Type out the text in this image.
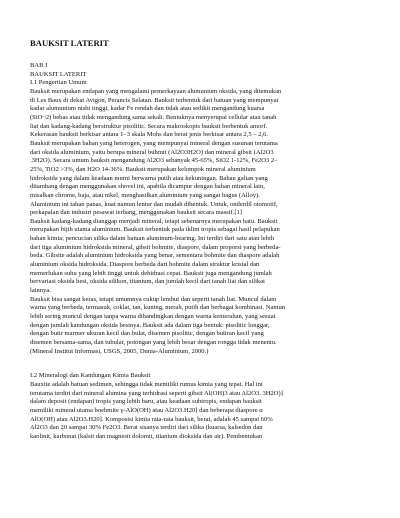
BAUKSIT LATERIT

BAB I

BAUKSIT LATERIT

I.1 Pengertian Umum

Bauksit merupakan endapan yang mengalami pemerkayaan alumunium oksida, yang ditemukan

di Les Baux di dekat Avigon, Perancis Selatan. Bauksit terbentuk dari batuan yang mempunyai

kadar alumunium nisbi tinggi, kadar Fe rendah dan tidak atau sedikit mengandung kuarsa

(SiO~2) bebas atau tidak mengandung sama sekali. Bentuknya menyerupai cellular atau tanah

liat dan kadang-kadang berstruktur pisolitic. Secara makroskopis bauksit berbentuk amorf.

Kekerasan bauksit berkisar antara 1–3 skala Mohs dan berat jenis berkisar antara 2,5 – 2,6.

Bauksit merupakan bahan yang heterogen, yang mempunyai mineral dengan susunan terutama

dari oksida aluminium, yaitu berupa mineral buhmit (Al2O3H2O) dan mineral gibsit (Al2O3

.3H2O). Secara umum bauksit mengandung Al2O3 sebanyak 45-65%, SiO2 1-12%, Fe2O3 2-

25%, TiO2 >3%, dan H2O 14-36%. Bauksit merupakan kelompok mineral aluminium

hidroksida yang dalam keadaan murni berwarna putih atau kekuningan. Bahan galian yang

ditambang dengan menggunakan shovel ini, apabila dicampur dengan bahan mineral lain,

misalkan chrome, baja, atau nikel, menghasilkan aluminium yang sangat bagus (Alloy).

Aluminium ini tahan panas, kuat namun lentur dan mudah dibentuk. Untuk, onderdil otomotif,

perkapalan dan industri pesawat terbang, menggunakan bauksit secara massif.[1]

Bauksit kadang-kadang dianggap menjadi mineral, tetapi sebenarnya merupakan batu. Bauksit

merupakan bijih utama aluminium. Bauksit terbentuk pada iklim tropis sebagai hasil pelapukan

bahan kimia; pencucian silika dalam batuan aluminum-bearing. Ini terdiri dari satu atau lebih

dari tiga aluminium hidroksida mineral, gibsit bohmite, diaspore, dalam proporsi yang berbeda-

beda. Gibsite adalah aluminium hidroksida yang benar, sementara bohmite dan diaspore adalah

aluminium oksida hidroksida. Diaspore berbeda dari bohmite dalam struktur kristal dan

memerlukan suhu yang lebih tinggi untuk dehidrasi cepat. Bauksit juga mengandung jumlah

bervariasi oksida besi, oksida silikon, titanium, dan jumlah kecil dari tanah liat dan silikat

lainnya.

Bauksit bisa sangat keras, tetapi umumnya cukup lembut dan seperti tanah liat. Muncul dalam

warna yang berbeda, termasuk, coklat, tan, kuning, merah, putih dan berbagai kombinasi. Namun

lebih sering muncul dengan tanpa warna dibandingkan dengan warna kemerahan, yang sesuai

dengan jumlah kandungan oksida besinya. Bauksit ada dalam tiga bentuk: pisolitic longgar,

dengan butir marmer ukuran kecil dan bulat, disemen pisolitic, dengan butiran kecil yang

disemen bersama-sama, dan tubular, potongan yang lebih besar dengan rongga tidak menentu.

(Mineral Institut Informasi, USGS, 2005, Dunia-Aluminium, 2000.)

I.2 Mineralogi dan Kandungan Kimia Bauksit

Bauxite adalah batuan sedimen, sehingga tidak memiliki rumus kimia yang tepat. Hal ini

terutama terdiri dari mineral alumina yang terhidrasi seperti gibsit Al(OH)3 atau Al2O3. 3H2O)]

dalam deposit (endapan) tropis yang lebih baru, atau keadaan subtropis, endapan bauksit

memiliki mineral utama boehmite γ-AlO(OH) atau Al2O3.H20] dan beberapa diaspore α

AlO(OH) atau Al2O3.H20]. Komposisi kimia rata-rata bauksit, berat, adalah 45 sampai 60%

Al2O3 dan 20 sampai 30% Fe2O3. Berat sisanya terdiri dari silika (kuarsa, kalsedon dan

kaolinit, karbonat (kalsit dan magnesit dolomit, titanium dioksida dan air). Pembentukan
